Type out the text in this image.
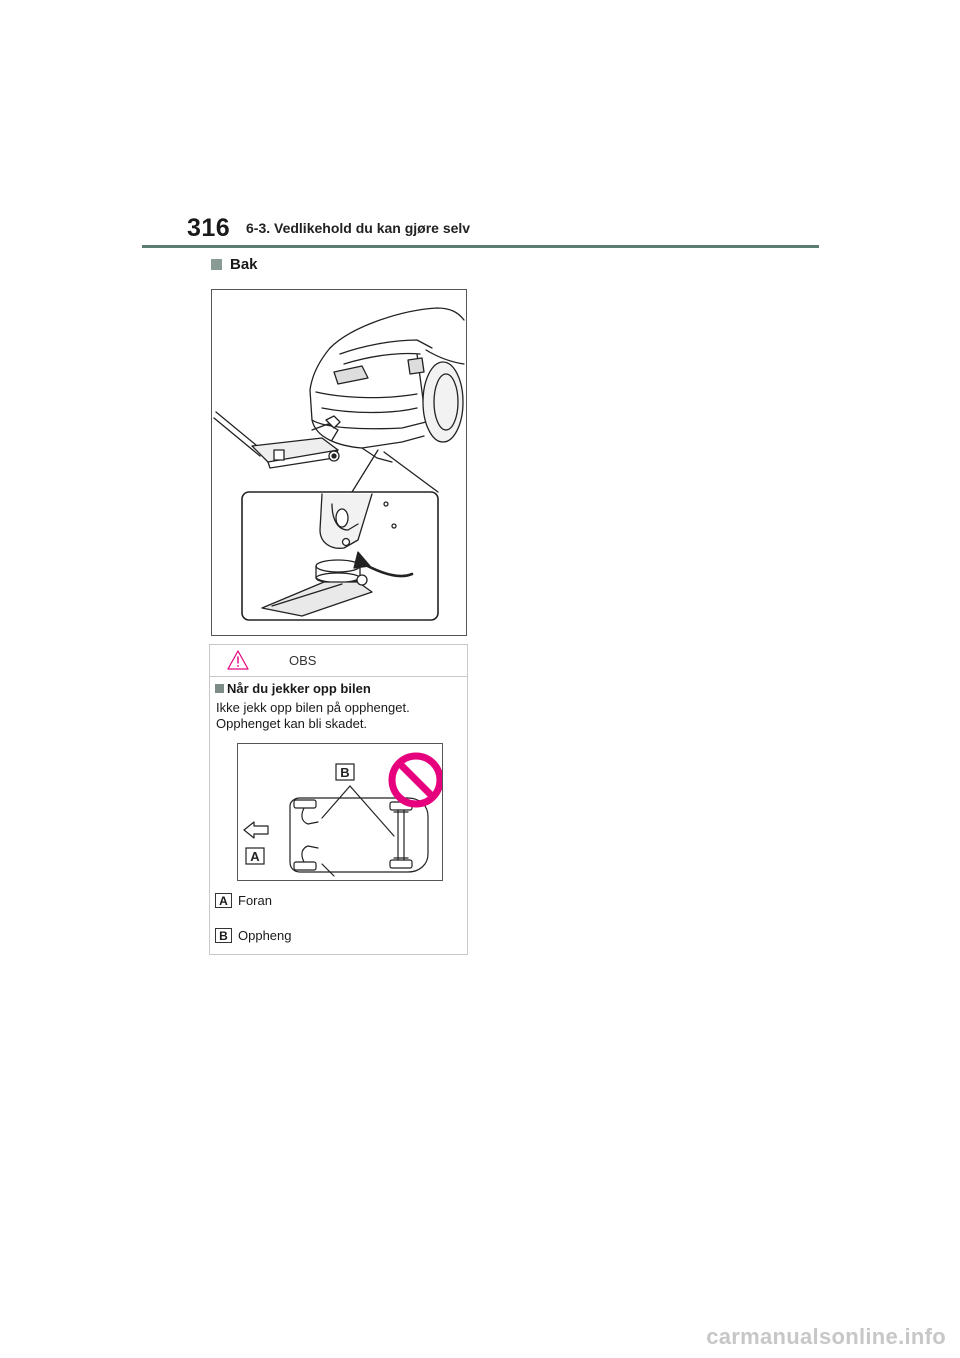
316 6-3. Vedlikehold du kan gjøre selv
Bak
OBS
Når du jekker opp bilen
Ikke jekk opp bilen på opphenget.
Opphenget kan bli skadet.
B
A
A Foran
B Oppheng
carmanualsonline.info
